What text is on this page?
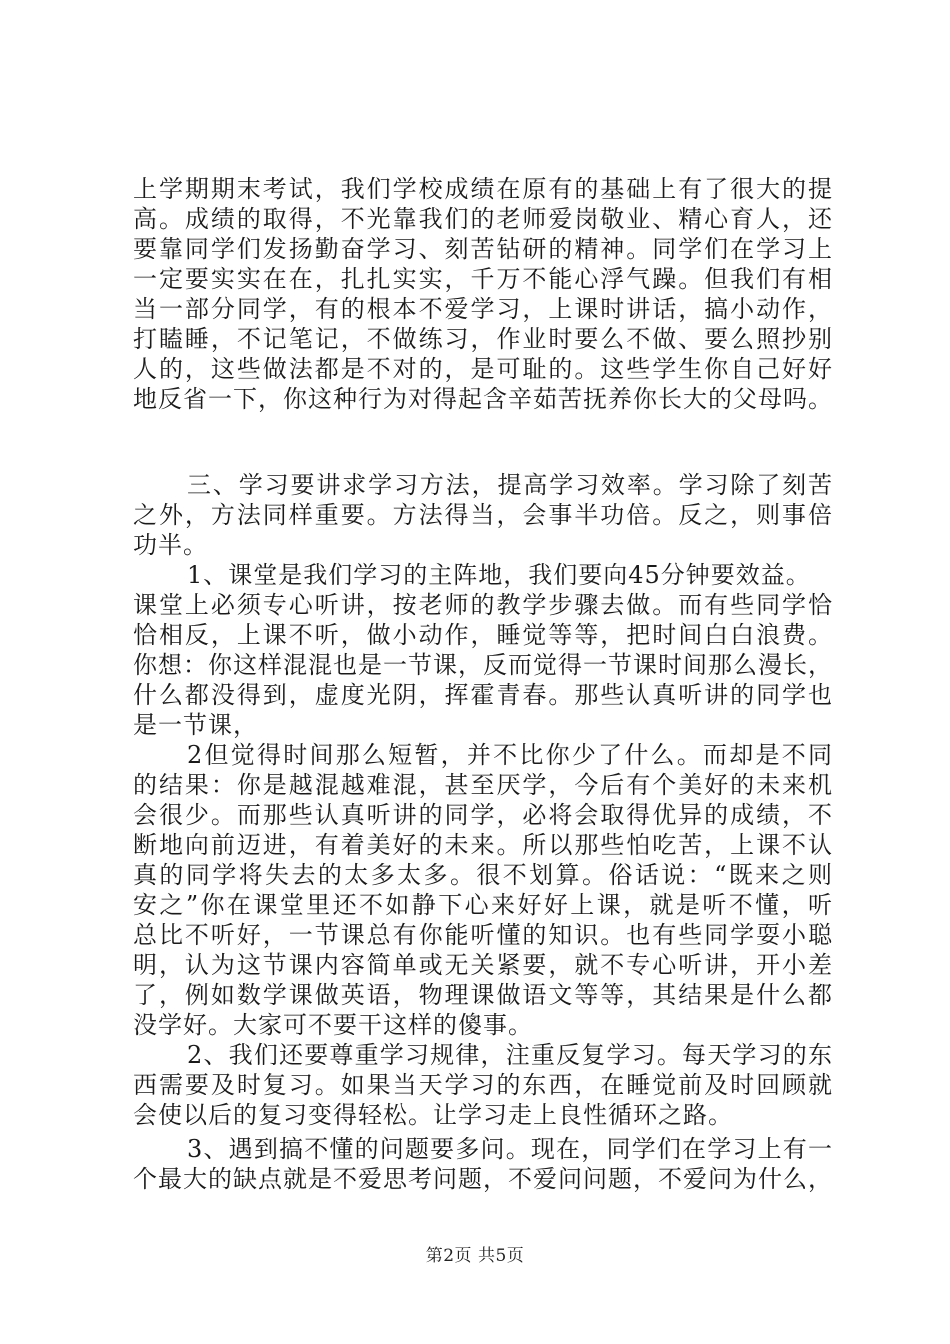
上学期期末考试，我们学校成绩在原有的基础上有了很大的提
高。成绩的取得，不光靠我们的老师爱岗敬业、精心育人，还
要靠同学们发扬勤奋学习、刻苦钻研的精神。同学们在学习上
一定要实实在在，扎扎实实，千万不能心浮气躁。但我们有相
当一部分同学，有的根本不爱学习，上课时讲话，搞小动作，
打瞌睡，不记笔记，不做练习，作业时要么不做、要么照抄别
人的，这些做法都是不对的，是可耻的。这些学生你自己好好
地反省一下，你这种行为对得起含辛茹苦抚养你长大的父母吗。
三、学习要讲求学习方法，提高学习效率。学习除了刻苦
之外，方法同样重要。方法得当，会事半功倍。反之，则事倍
功半。
1、课堂是我们学习的主阵地，我们要向45分钟要效益。
课堂上必须专心听讲，按老师的教学步骤去做。而有些同学恰
恰相反，上课不听，做小动作，睡觉等等，把时间白白浪费。
你想：你这样混混也是一节课，反而觉得一节课时间那么漫长，
什么都没得到，虚度光阴，挥霍青春。那些认真听讲的同学也
是一节课，
2但觉得时间那么短暂，并不比你少了什么。而却是不同
的结果：你是越混越难混，甚至厌学，今后有个美好的未来机
会很少。而那些认真听讲的同学，必将会取得优异的成绩，不
断地向前迈进，有着美好的未来。所以那些怕吃苦，上课不认
真的同学将失去的太多太多。很不划算。俗话说：“既来之则
安之”你在课堂里还不如静下心来好好上课，就是听不懂，听
总比不听好，一节课总有你能听懂的知识。也有些同学耍小聪
明，认为这节课内容简单或无关紧要，就不专心听讲，开小差
了，例如数学课做英语，物理课做语文等等，其结果是什么都
没学好。大家可不要干这样的傻事。
2、我们还要尊重学习规律，注重反复学习。每天学习的东
西需要及时复习。如果当天学习的东西，在睡觉前及时回顾就
会使以后的复习变得轻松。让学习走上良性循环之路。
3、遇到搞不懂的问题要多问。现在，同学们在学习上有一
个最大的缺点就是不爱思考问题，不爱问问题，不爱问为什么，
第2页 共5页
